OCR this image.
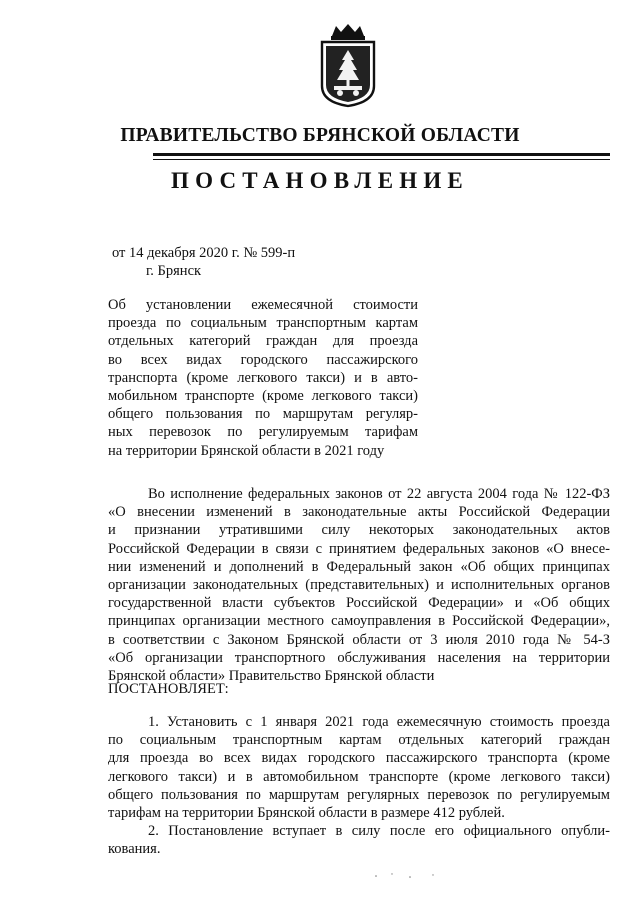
ПРАВИТЕЛЬСТВО БРЯНСКОЙ ОБЛАСТИ
ПОСТАНОВЛЕНИЕ
от 14 декабря 2020 г. № 599-п
г. Брянск
Об установлении ежемесячной стоимости
проезда по социальным транспортным картам
отдельных категорий граждан для проезда
во всех видах городского пассажирского
транспорта (кроме легкового такси) и в авто-
мобильном транспорте (кроме легкового такси)
общего пользования по маршрутам регуляр-
ных перевозок по регулируемым тарифам
на территории Брянской области в 2021 году
Во исполнение федеральных законов от 22 августа 2004 года № 122-ФЗ
«О внесении изменений в законодательные акты Российской Федерации
и признании утратившими силу некоторых законодательных актов
Российской Федерации в связи с принятием федеральных законов «О внесе-
нии изменений и дополнений в Федеральный закон «Об общих принципах
организации законодательных (представительных) и исполнительных органов
государственной власти субъектов Российской Федерации» и «Об общих
принципах организации местного самоуправления в Российской Федерации»,
в соответствии с Законом Брянской области от 3 июля 2010 года № 54-З
«Об организации транспортного обслуживания населения на территории
Брянской области» Правительство Брянской области
ПОСТАНОВЛЯЕТ:
1. Установить с 1 января 2021 года ежемесячную стоимость проезда
по социальным транспортным картам отдельных категорий граждан
для проезда во всех видах городского пассажирского транспорта (кроме
легкового такси) и в автомобильном транспорте (кроме легкового такси)
общего пользования по маршрутам регулярных перевозок по регулируемым
тарифам на территории Брянской области в размере 412 рублей.
2. Постановление вступает в силу после его официального опубли-
кования.
